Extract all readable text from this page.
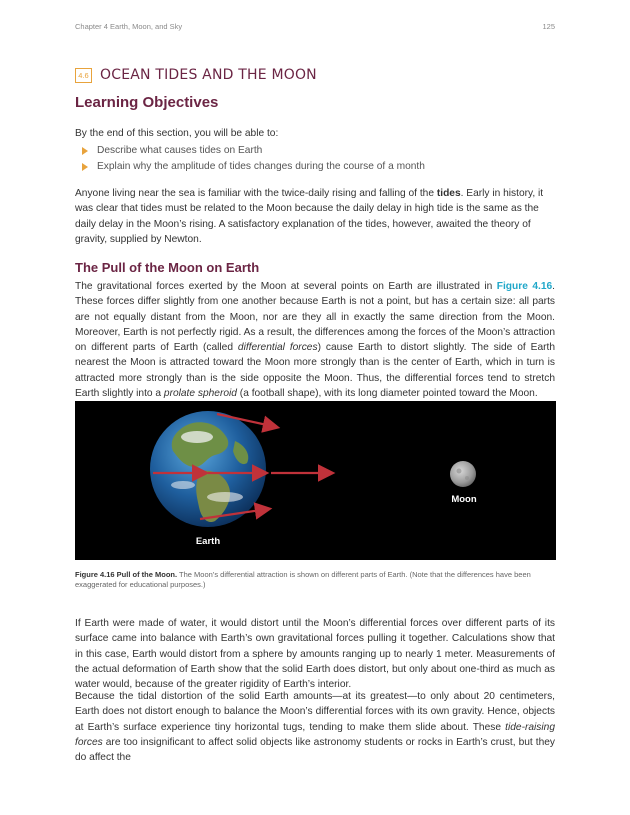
Chapter 4 Earth, Moon, and Sky	125
4.6 OCEAN TIDES AND THE MOON
Learning Objectives
By the end of this section, you will be able to:
Describe what causes tides on Earth
Explain why the amplitude of tides changes during the course of a month

Anyone living near the sea is familiar with the twice-daily rising and falling of the tides. Early in history, it was clear that tides must be related to the Moon because the daily delay in high tide is the same as the daily delay in the Moon’s rising. A satisfactory explanation of the tides, however, awaited the theory of gravity, supplied by Newton.

The Pull of the Moon on Earth

The gravitational forces exerted by the Moon at several points on Earth are illustrated in Figure 4.16. These forces differ slightly from one another because Earth is not a point, but has a certain size: all parts are not equally distant from the Moon, nor are they all in exactly the same direction from the Moon. Moreover, Earth is not perfectly rigid. As a result, the differences among the forces of the Moon’s attraction on different parts of Earth (called differential forces) cause Earth to distort slightly. The side of Earth nearest the Moon is attracted toward the Moon more strongly than is the center of Earth, which in turn is attracted more strongly than is the side opposite the Moon. Thus, the differential forces tend to stretch Earth slightly into a prolate spheroid (a football shape), with its long diameter pointed toward the Moon.

Moon
Earth
Figure 4.16 Pull of the Moon. The Moon’s differential attraction is shown on different parts of Earth. (Note that the differences have been exaggerated for educational purposes.)

If Earth were made of water, it would distort until the Moon’s differential forces over different parts of its surface came into balance with Earth’s own gravitational forces pulling it together. Calculations show that in this case, Earth would distort from a sphere by amounts ranging up to nearly 1 meter. Measurements of the actual deformation of Earth show that the solid Earth does distort, but only about one-third as much as water would, because of the greater rigidity of Earth’s interior.

Because the tidal distortion of the solid Earth amounts—at its greatest—to only about 20 centimeters, Earth does not distort enough to balance the Moon’s differential forces with its own gravity. Hence, objects at Earth’s surface experience tiny horizontal tugs, tending to make them slide about. These tide-raising forces are too insignificant to affect solid objects like astronomy students or rocks in Earth’s crust, but they do affect the
